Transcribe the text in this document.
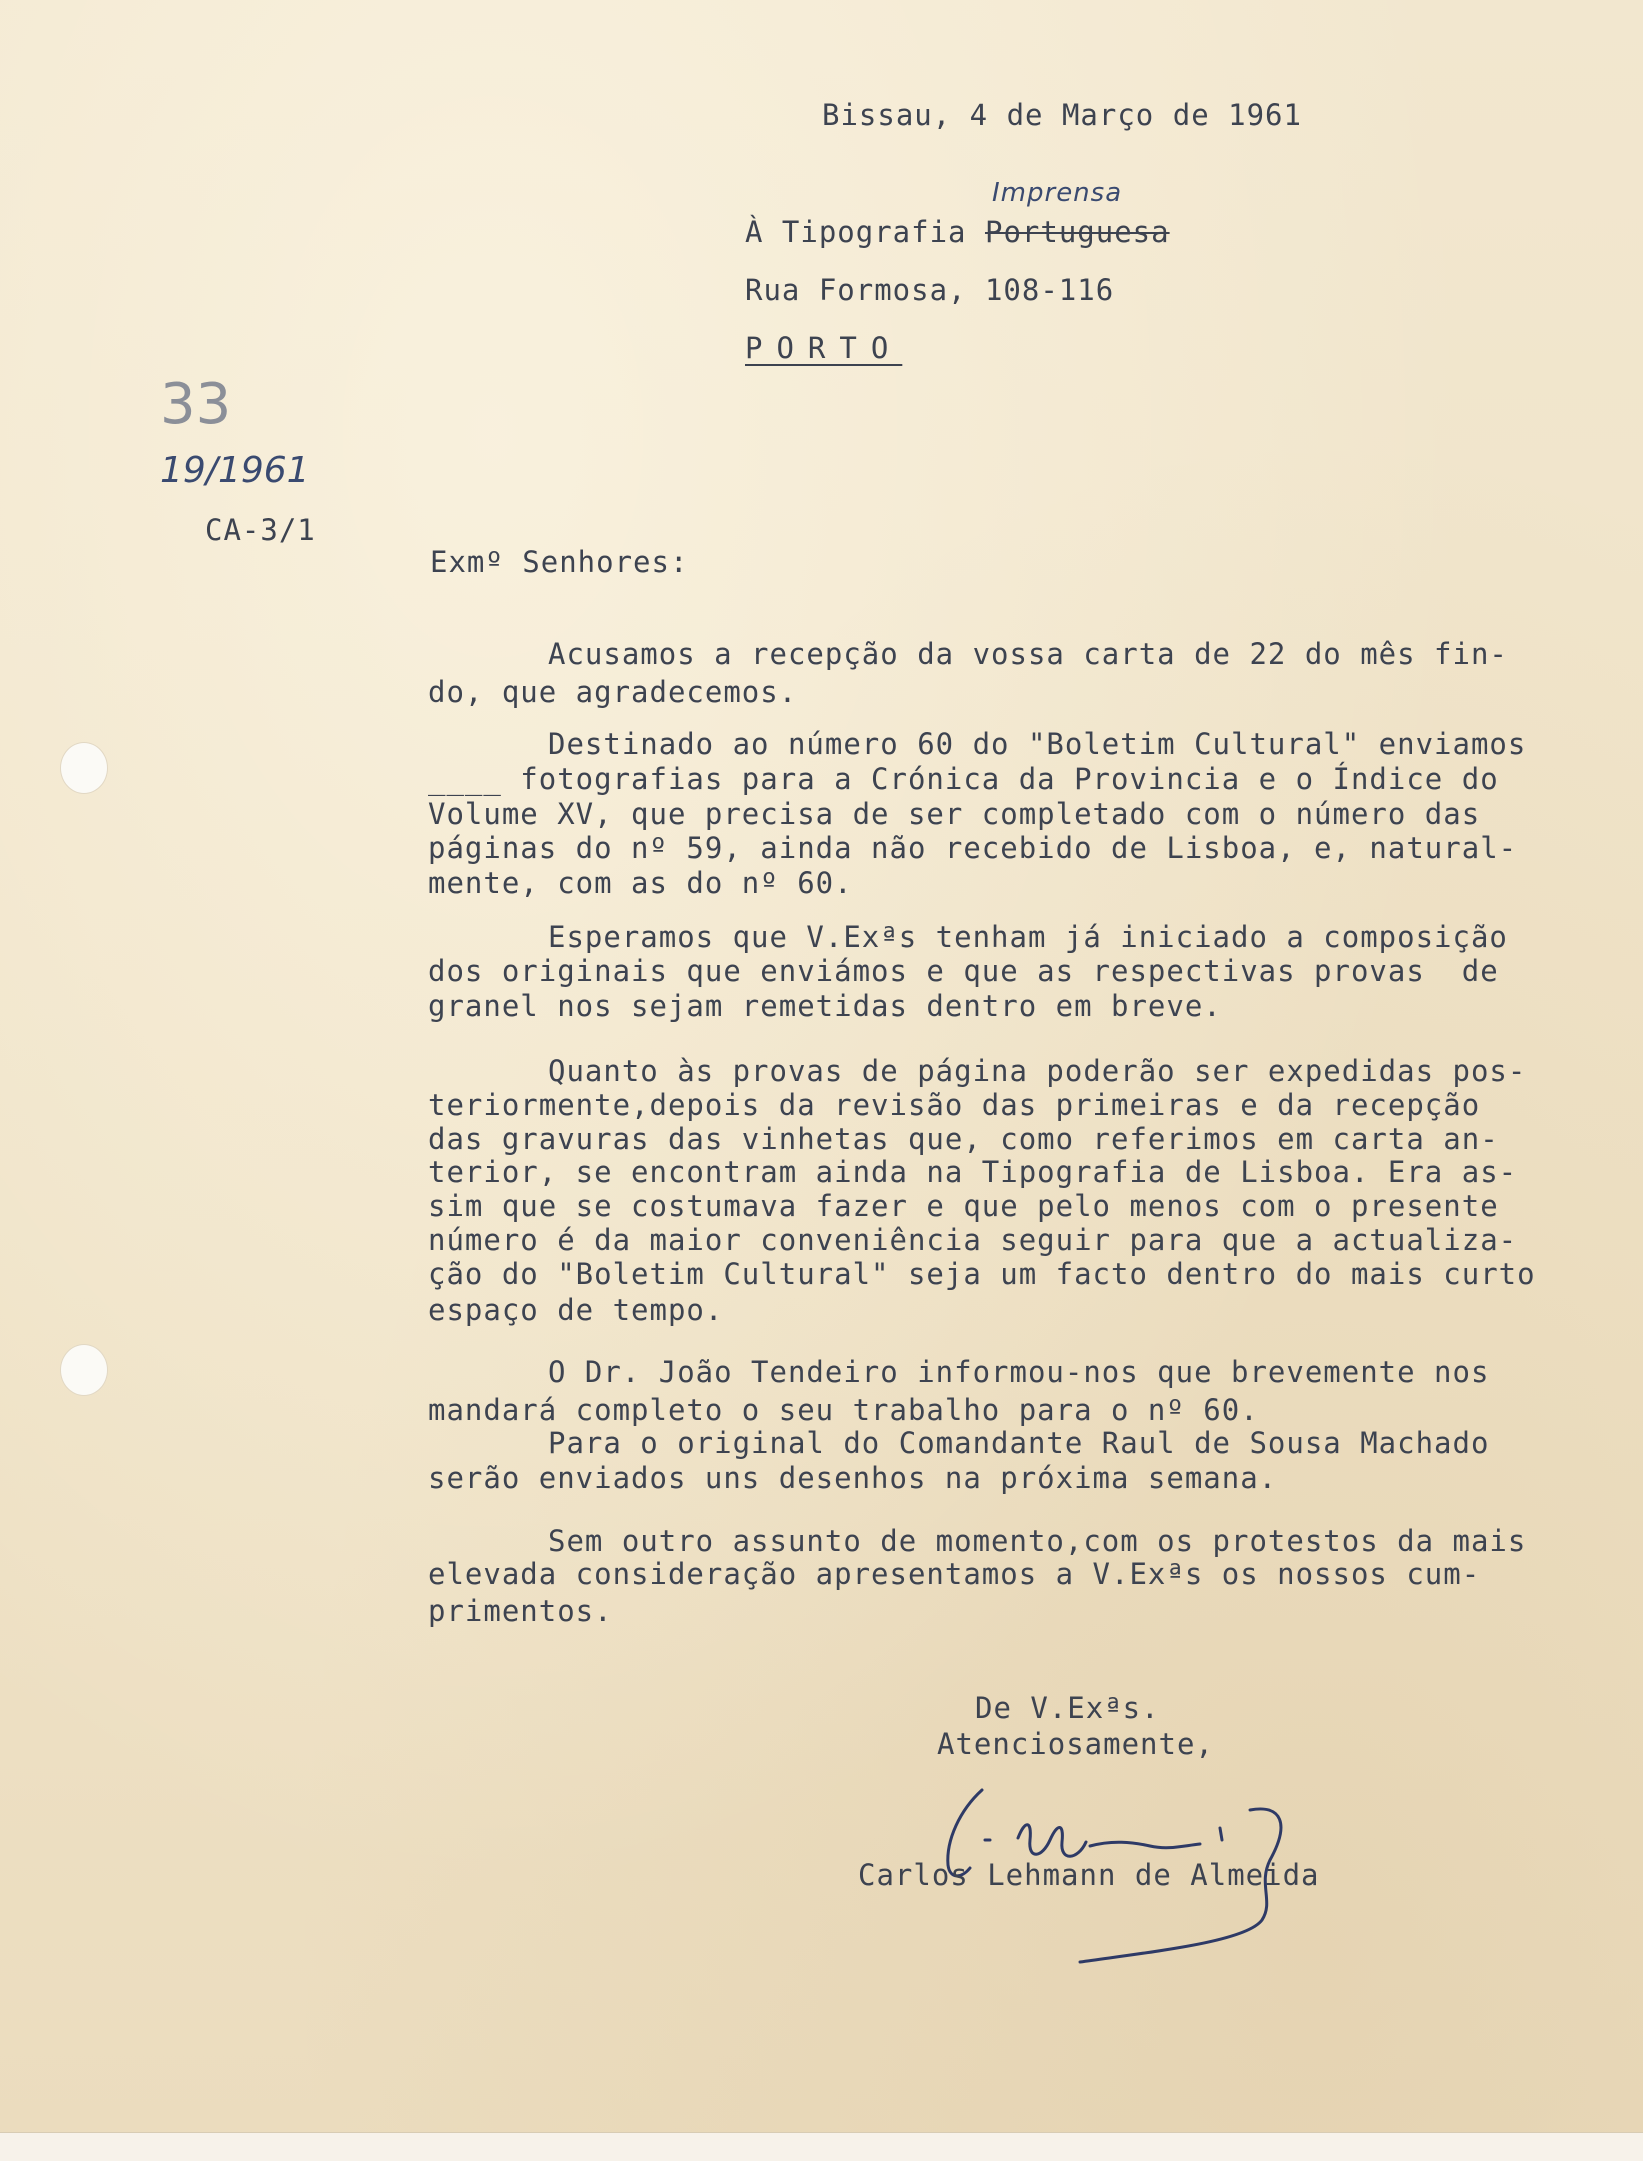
Bissau, 4 de Março de 1961

Imprensa

À Tipografia Portuguesa

Rua Formosa, 108-116

PORTO

33

19/1961

CA-3/1

Exmº Senhores:

Acusamos a recepção da vossa carta de 22 do mês fin-

do, que agradecemos.

Destinado ao número 60 do "Boletim Cultural" enviamos

____ fotografias para a Crónica da Provincia e o Índice do

Volume XV, que precisa de ser completado com o número das

páginas do nº 59, ainda não recebido de Lisboa, e, natural-

mente, com as do nº 60.

Esperamos que V.Exªs tenham já iniciado a composição

dos originais que enviámos e que as respectivas provas  de

granel nos sejam remetidas dentro em breve.

Quanto às provas de página poderão ser expedidas pos-

teriormente,depois da revisão das primeiras e da recepção

das gravuras das vinhetas que, como referimos em carta an-

terior, se encontram ainda na Tipografia de Lisboa. Era as-

sim que se costumava fazer e que pelo menos com o presente

número é da maior conveniência seguir para que a actualiza-

ção do "Boletim Cultural" seja um facto dentro do mais curto

espaço de tempo.

O Dr. João Tendeiro informou-nos que brevemente nos

mandará completo o seu trabalho para o nº 60.

Para o original do Comandante Raul de Sousa Machado

serão enviados uns desenhos na próxima semana.

Sem outro assunto de momento,com os protestos da mais

elevada consideração apresentamos a V.Exªs os nossos cum-

primentos.

De V.Exªs.

Atenciosamente,

Carlos Lehmann de Almeida
